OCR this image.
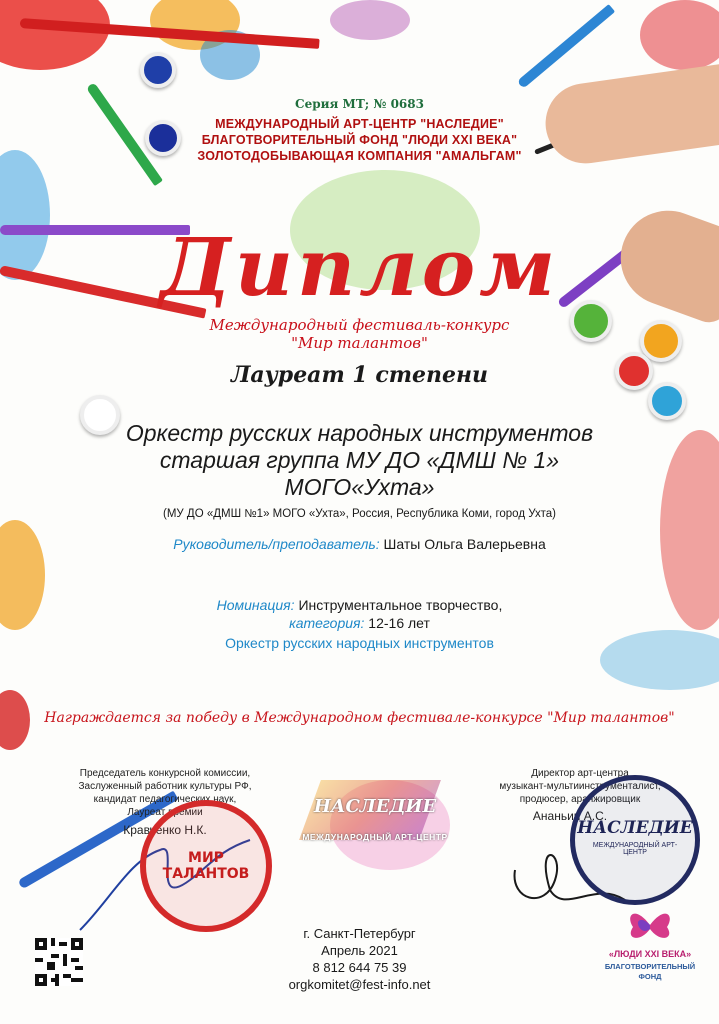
Серия МТ; № 0683
МЕЖДУНАРОДНЫЙ АРТ-ЦЕНТР "НАСЛЕДИЕ"
БЛАГОТВОРИТЕЛЬНЫЙ ФОНД "ЛЮДИ XXI ВЕКА"
ЗОЛОТОДОБЫВАЮЩАЯ КОМПАНИЯ "АМАЛЬГАМ"
Диплом
Международный фестиваль-конкурс
"Мир талантов"
Лауреат 1 степени
Оркестр русских народных инструментов
старшая группа МУ ДО «ДМШ № 1»
МОГО«Ухта»
(МУ ДО «ДМШ №1» МОГО «Ухта», Россия, Республика Коми, город Ухта)
Руководитель/преподаватель: Шаты Ольга Валерьевна
Номинация: Инструментальное творчество,
категория: 12-16 лет
Оркестр русских народных инструментов
Награждается за победу в Международном фестивале-конкурсе "Мир талантов"
Председатель конкурсной комиссии,
Заслуженный работник культуры РФ,
кандидат педагогических наук,
Лауреат премии
Кравченко Н.К.
МИР ТАЛАНТОВ
НАСЛЕДИЕ
МЕЖДУНАРОДНЫЙ АРТ-ЦЕНТР
Директор арт-центра
музыкант-мультиинструменталист,
продюсер, аранжировщик
Ананьин А.С.
НАСЛЕДИЕ
МЕЖДУНАРОДНЫЙ АРТ-ЦЕНТР
г. Санкт-Петербург
Апрель 2021
8 812 644 75 39
orgkomitet@fest-info.net
«ЛЮДИ XXI ВЕКА»
БЛАГОТВОРИТЕЛЬНЫЙ
ФОНД
